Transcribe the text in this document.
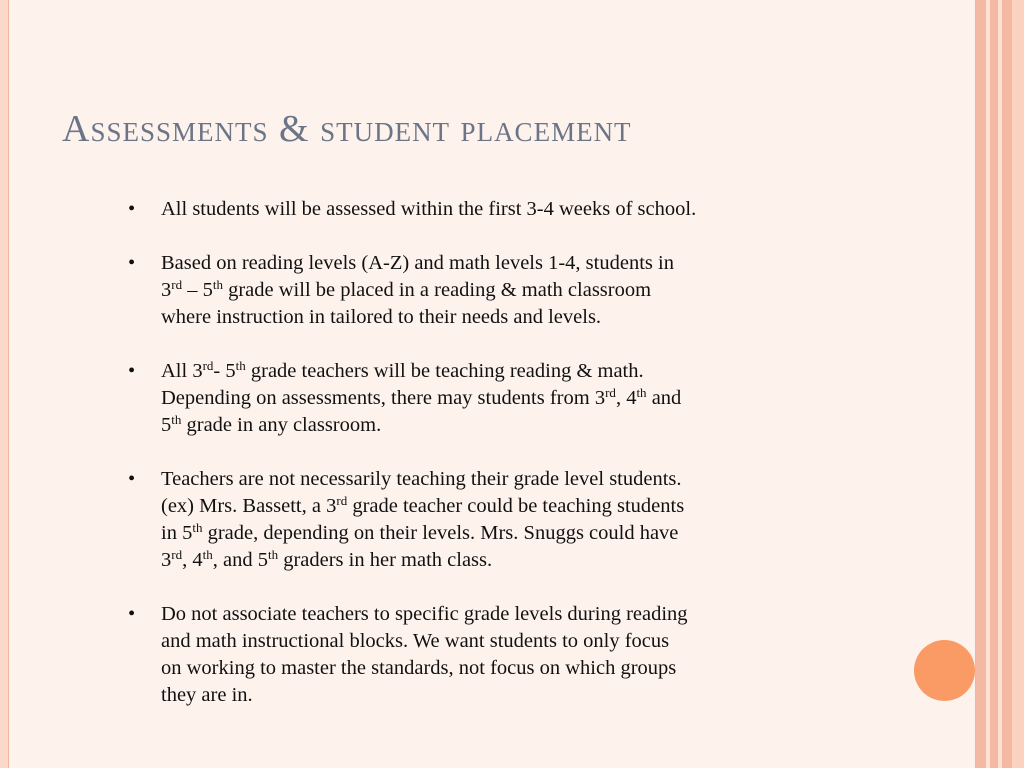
Assessments & student placement
• All students will be assessed within the first 3-4 weeks of school.
• Based on reading levels (A-Z) and math levels 1-4, students in
3rd – 5th grade will be placed in a reading & math classroom
where instruction in tailored to their needs and levels.
• All 3rd- 5th grade teachers will be teaching reading & math.
Depending on assessments, there may students from 3rd, 4th and
5th grade in any classroom.
• Teachers are not necessarily teaching their grade level students.
(ex) Mrs. Bassett, a 3rd grade teacher could be teaching students
in 5th grade, depending on their levels. Mrs. Snuggs could have
3rd, 4th, and 5th graders in her math class.
• Do not associate teachers to specific grade levels during reading
and math instructional blocks. We want students to only focus
on working to master the standards, not focus on which groups
they are in.
